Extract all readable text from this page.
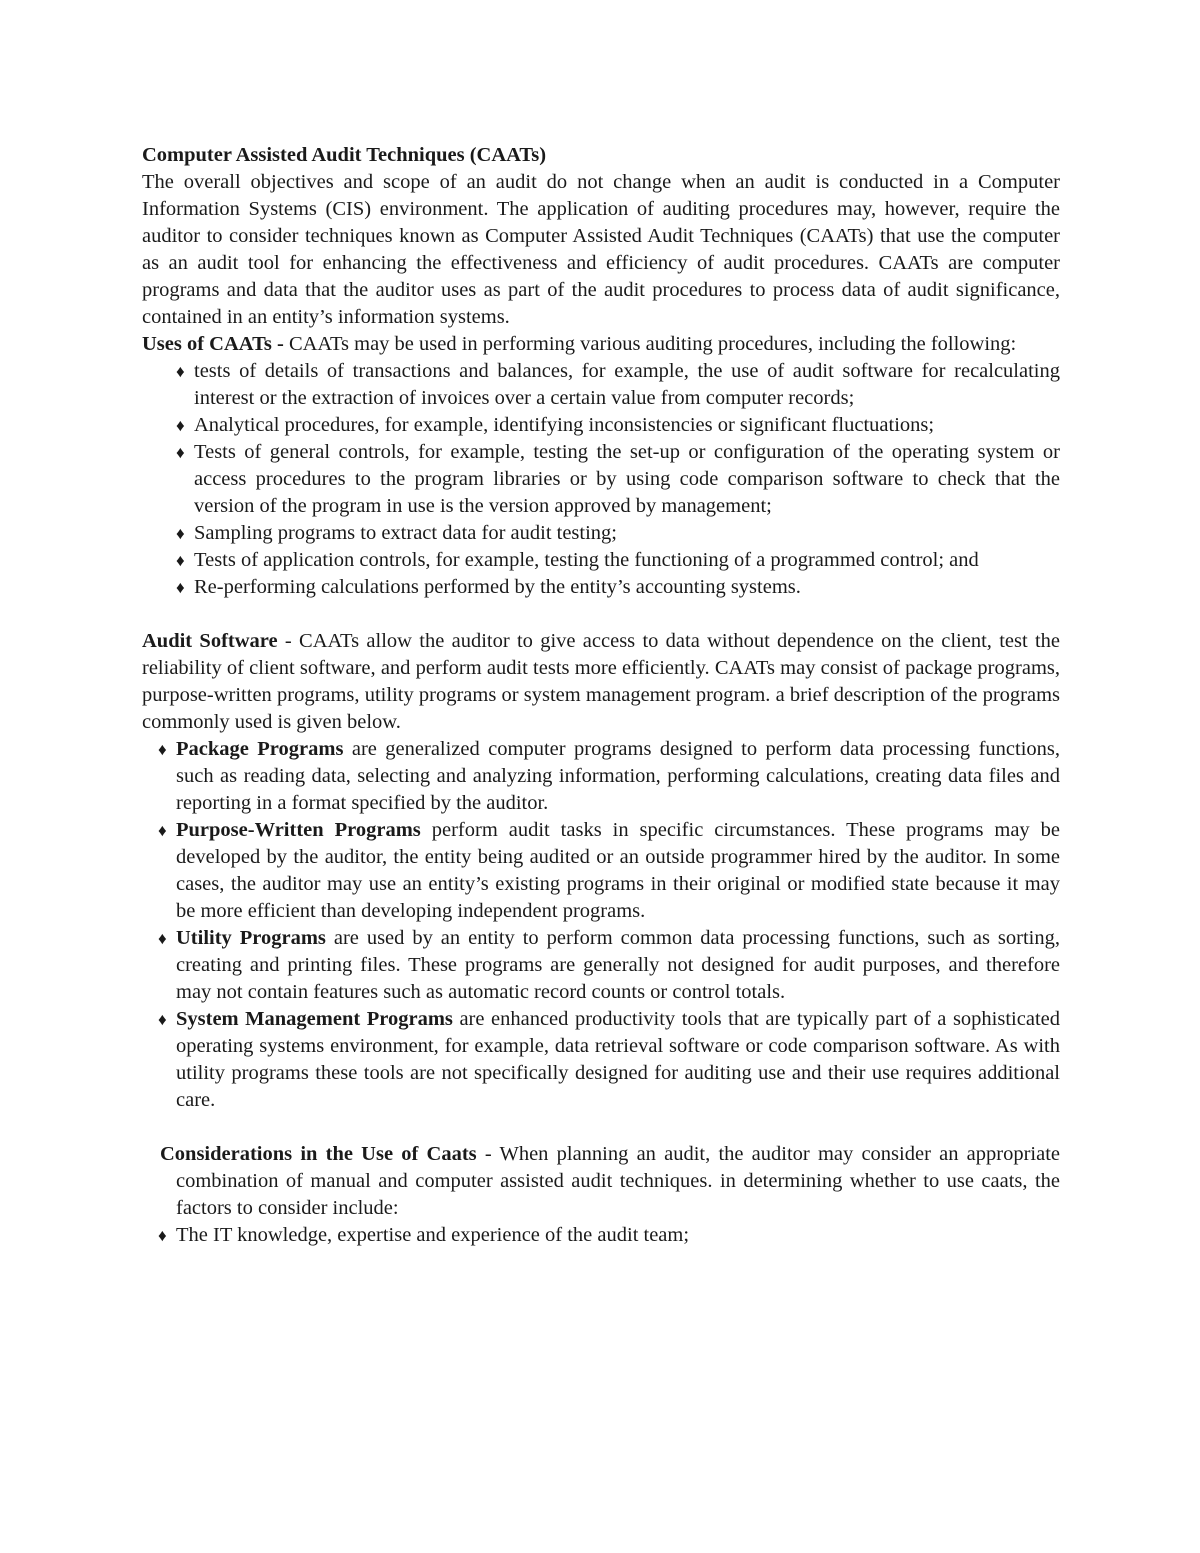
Computer Assisted Audit Techniques (CAATs)

The overall objectives and scope of an audit do not change when an audit is conducted in a Computer Information Systems (CIS) environment. The application of auditing procedures may, however, require the auditor to consider techniques known as Computer Assisted Audit Techniques (CAATs) that use the computer as an audit tool for enhancing the effectiveness and efficiency of audit procedures. CAATs are computer programs and data that the auditor uses as part of the audit procedures to process data of audit significance, contained in an entity’s information systems.

Uses of CAATs - CAATs may be used in performing various auditing procedures, including the following:

♦ tests of details of transactions and balances, for example, the use of audit software for recalculating interest or the extraction of invoices over a certain value from computer records;
♦ Analytical procedures, for example, identifying inconsistencies or significant fluctuations;
♦ Tests of general controls, for example, testing the set-up or configuration of the operating system or access procedures to the program libraries or by using code comparison software to check that the version of the program in use is the version approved by management;
♦ Sampling programs to extract data for audit testing;
♦ Tests of application controls, for example, testing the functioning of a programmed control; and
♦ Re-performing calculations performed by the entity’s accounting systems.

Audit Software - CAATs allow the auditor to give access to data without dependence on the client, test the reliability of client software, and perform audit tests more efficiently. CAATs may consist of package programs, purpose-written programs, utility programs or system management program. a brief description of the programs commonly used is given below.

♦ Package Programs are generalized computer programs designed to perform data processing functions, such as reading data, selecting and analyzing information, performing calculations, creating data files and reporting in a format specified by the auditor.
♦ Purpose-Written Programs perform audit tasks in specific circumstances. These programs may be developed by the auditor, the entity being audited or an outside programmer hired by the auditor. In some cases, the auditor may use an entity’s existing programs in their original or modified state because it may be more efficient than developing independent programs.
♦ Utility Programs are used by an entity to perform common data processing functions, such as sorting, creating and printing files. These programs are generally not designed for audit purposes, and therefore may not contain features such as automatic record counts or control totals.
♦ System Management Programs are enhanced productivity tools that are typically part of a sophisticated operating systems environment, for example, data retrieval software or code comparison software. As with utility programs these tools are not specifically designed for auditing use and their use requires additional care.

Considerations in the Use of Caats - When planning an audit, the auditor may consider an appropriate combination of manual and computer assisted audit techniques. in determining whether to use caats, the factors to consider include:

♦ The IT knowledge, expertise and experience of the audit team;
